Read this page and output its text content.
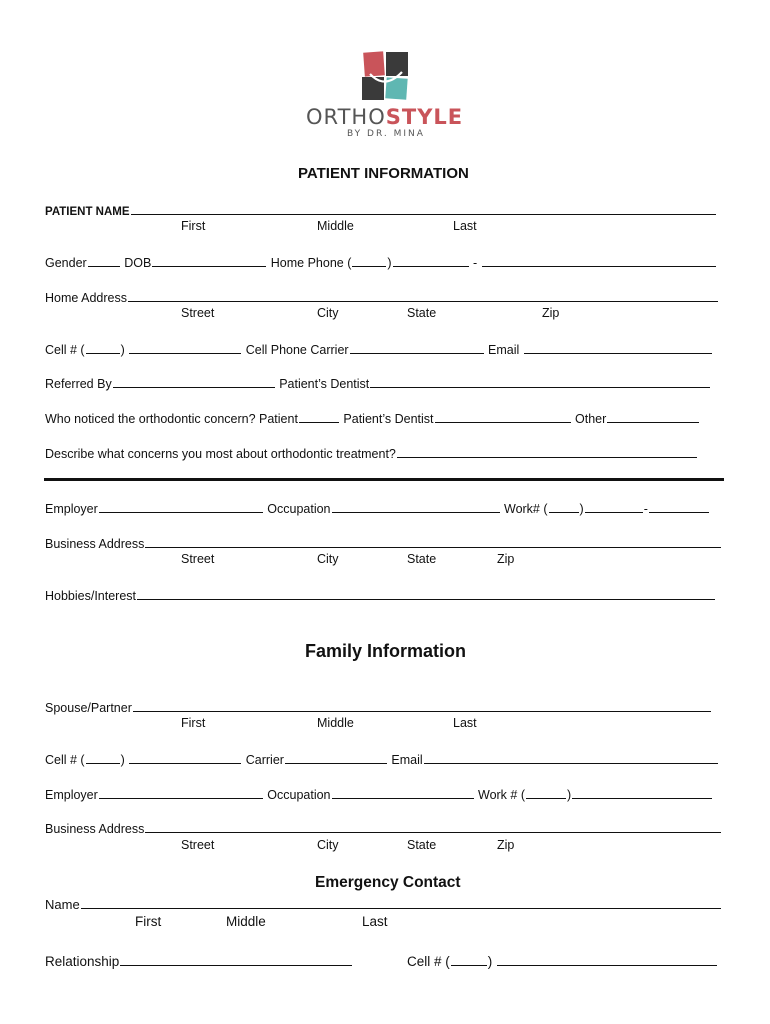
ORTHOSTYLE
BY DR. MINA
PATIENT INFORMATION
PATIENT NAME
First	Middle	Last
Gender	DOB	Home Phone (	)	-
Home Address
Street	City	State	Zip
Cell # (	)	Cell Phone Carrier	Email
Referred By	Patient’s Dentist
Who noticed the orthodontic concern? Patient	Patient’s Dentist	Other
Describe what concerns you most about orthodontic treatment?
Employer	Occupation	Work# (	)	-
Business Address
Street	City	State	Zip
Hobbies/Interest
Family Information
Spouse/Partner
First	Middle	Last
Cell # (	)	Carrier	Email
Employer	Occupation	Work # (	)
Business Address
Street	City	State	Zip
Emergency Contact
Name
First	Middle	Last
Relationship	Cell # (	)
